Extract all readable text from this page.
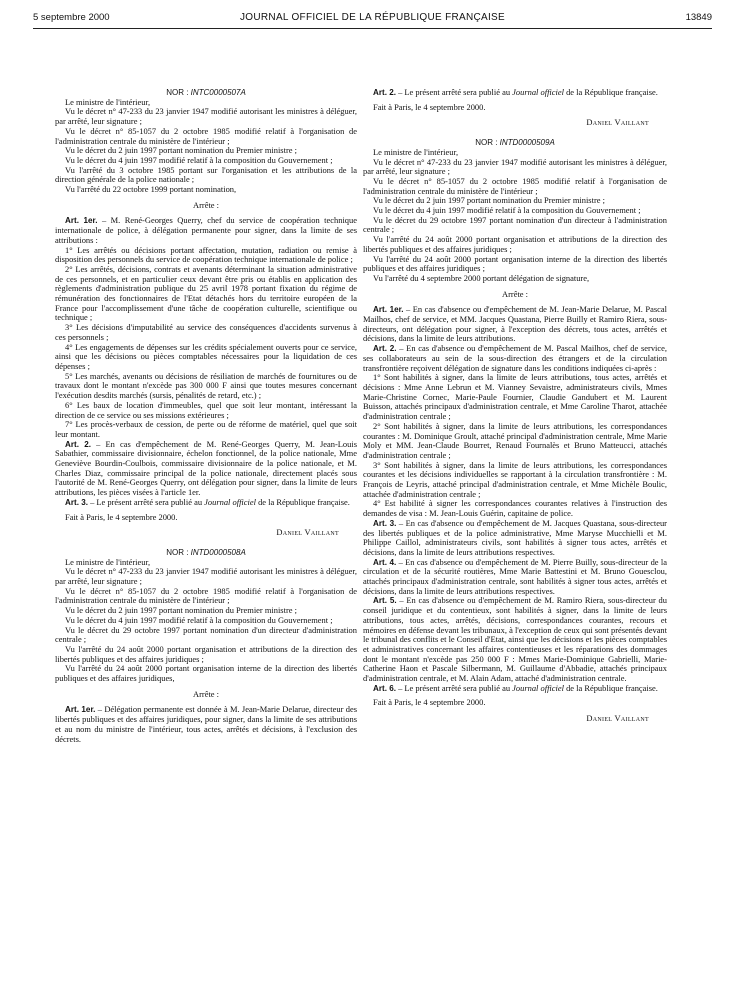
5 septembre 2000	JOURNAL OFFICIEL DE LA RÉPUBLIQUE FRANÇAISE	13849

NOR : INTC0000507A

Le ministre de l'intérieur,

Vu le décret n° 47-233 du 23 janvier 1947 modifié autorisant les ministres à déléguer, par arrêté, leur signature ;

Vu le décret n° 85-1057 du 2 octobre 1985 modifié relatif à l'organisation de l'administration centrale du ministère de l'intérieur ;

Vu le décret du 2 juin 1997 portant nomination du Premier ministre ;

Vu le décret du 4 juin 1997 modifié relatif à la composition du Gouvernement ;

Vu l'arrêté du 3 octobre 1985 portant sur l'organisation et les attributions de la direction générale de la police nationale ;

Vu l'arrêté du 22 octobre 1999 portant nomination,

Arrête :

Art. 1er. – M. René-Georges Querry, chef du service de coopération technique internationale de police, à délégation permanente pour signer, dans la limite de ses attributions :

1° Les arrêtés ou décisions portant affectation, mutation, radiation ou remise à disposition des personnels du service de coopération technique internationale de police ;

2° Les arrêtés, décisions, contrats et avenants déterminant la situation administrative de ces personnels, et en particulier ceux devant être pris ou établis en application des règlements d'administration publique du 25 avril 1978 portant fixation du régime de rémunération des fonctionnaires de l'Etat détachés hors du territoire européen de la France pour l'accomplissement d'une tâche de coopération culturelle, scientifique ou technique ;

3° Les décisions d'imputabilité au service des conséquences d'accidents survenus à ces personnels ;

4° Les engagements de dépenses sur les crédits spécialement ouverts pour ce service, ainsi que les décisions ou pièces comptables nécessaires pour la liquidation de ces dépenses ;

5° Les marchés, avenants ou décisions de résiliation de marchés de fournitures ou de travaux dont le montant n'excède pas 300 000 F ainsi que toutes mesures concernant l'exécution desdits marchés (sursis, pénalités de retard, etc.) ;

6° Les baux de location d'immeubles, quel que soit leur montant, intéressant la direction de ce service ou ses missions extérieures ;

7° Les procès-verbaux de cession, de perte ou de réforme de matériel, quel que soit leur montant.

Art. 2. – En cas d'empêchement de M. René-Georges Querry, M. Jean-Louis Sabathier, commissaire divisionnaire, échelon fonctionnel, de la police nationale, Mme Geneviève Bourdin-Coulbois, commissaire divisionnaire de la police nationale, et M. Charles Diaz, commissaire principal de la police nationale, directement placés sous l'autorité de M. René-Georges Querry, ont délégation pour signer, dans la limite de leurs attributions, les pièces visées à l'article 1er.

Art. 3. – Le présent arrêté sera publié au Journal officiel de la République française.

Fait à Paris, le 4 septembre 2000.

Daniel Vaillant

NOR : INTD0000508A

Le ministre de l'intérieur,

Vu le décret n° 47-233 du 23 janvier 1947 modifié autorisant les ministres à déléguer, par arrêté, leur signature ;

Vu le décret n° 85-1057 du 2 octobre 1985 modifié relatif à l'organisation de l'administration centrale du ministère de l'intérieur ;

Vu le décret du 2 juin 1997 portant nomination du Premier ministre ;

Vu le décret du 4 juin 1997 modifié relatif à la composition du Gouvernement ;

Vu le décret du 29 octobre 1997 portant nomination d'un directeur d'administration centrale ;

Vu l'arrêté du 24 août 2000 portant organisation et attributions de la direction des libertés publiques et des affaires juridiques ;

Vu l'arrêté du 24 août 2000 portant organisation interne de la direction des libertés publiques et des affaires juridiques,

Arrête :

Art. 1er. – Délégation permanente est donnée à M. Jean-Marie Delarue, directeur des libertés publiques et des affaires juridiques, pour signer, dans la limite de ses attributions et au nom du ministre de l'intérieur, tous actes, arrêtés et décisions, à l'exclusion des décrets.

Art. 2. – Le présent arrêté sera publié au Journal officiel de la République française.

Fait à Paris, le 4 septembre 2000.

Daniel Vaillant

NOR : INTD0000509A

Le ministre de l'intérieur,

Vu le décret n° 47-233 du 23 janvier 1947 modifié autorisant les ministres à déléguer, par arrêté, leur signature ;

Vu le décret n° 85-1057 du 2 octobre 1985 modifié relatif à l'organisation de l'administration centrale du ministère de l'intérieur ;

Vu le décret du 2 juin 1997 portant nomination du Premier ministre ;

Vu le décret du 4 juin 1997 modifié relatif à la composition du Gouvernement ;

Vu le décret du 29 octobre 1997 portant nomination d'un directeur à l'administration centrale ;

Vu l'arrêté du 24 août 2000 portant organisation et attributions de la direction des libertés publiques et des affaires juridiques ;

Vu l'arrêté du 24 août 2000 portant organisation interne de la direction des libertés publiques et des affaires juridiques ;

Vu l'arrêté du 4 septembre 2000 portant délégation de signature,

Arrête :

Art. 1er. – En cas d'absence ou d'empêchement de M. Jean-Marie Delarue, M. Pascal Mailhos, chef de service, et MM. Jacques Quastana, Pierre Builly et Ramiro Riera, sous-directeurs, ont délégation pour signer, à l'exception des décrets, tous actes, arrêtés et décisions, dans la limite de leurs attributions.

Art. 2. – En cas d'absence ou d'empêchement de M. Pascal Mailhos, chef de service, ses collaborateurs au sein de la sous-direction des étrangers et de la circulation transfrontière reçoivent délégation de signature dans les conditions indiquées ci-après :

1° Sont habilités à signer, dans la limite de leurs attributions, tous actes, arrêtés et décisions : Mme Anne Lebrun et M. Vianney Sevaistre, administrateurs civils, Mmes Marie-Christine Cornec, Marie-Paule Fournier, Claudie Gandubert et M. Laurent Buisson, attachés principaux d'administration centrale, et Mme Caroline Tharot, attachée d'administration centrale ;

2° Sont habilités à signer, dans la limite de leurs attributions, les correspondances courantes : M. Dominique Groult, attaché principal d'administration centrale, Mme Marie Moly et MM. Jean-Claude Bourret, Renaud Fournalès et Bruno Matteucci, attachés d'administration centrale ;

3° Sont habilités à signer, dans la limite de leurs attributions, les correspondances courantes et les décisions individuelles se rapportant à la circulation transfrontière : M. François de Leyris, attaché principal d'administration centrale, et Mme Michèle Boulic, attachée d'administration centrale ;

4° Est habilité à signer les correspondances courantes relatives à l'instruction des demandes de visa : M. Jean-Louis Guérin, capitaine de police.

Art. 3. – En cas d'absence ou d'empêchement de M. Jacques Quastana, sous-directeur des libertés publiques et de la police administrative, Mme Maryse Mucchielli et M. Philippe Caillol, administrateurs civils, sont habilités à signer tous actes, arrêtés et décisions, dans la limite de leurs attributions respectives.

Art. 4. – En cas d'absence ou d'empêchement de M. Pierre Builly, sous-directeur de la circulation et de la sécurité routières, Mme Marie Battestini et M. Bruno Gouesclou, attachés principaux d'administration centrale, sont habilités à signer tous actes, arrêtés et décisions, dans la limite de leurs attributions respectives.

Art. 5. – En cas d'absence ou d'empêchement de M. Ramiro Riera, sous-directeur du conseil juridique et du contentieux, sont habilités à signer, dans la limite de leurs attributions, tous actes, arrêtés, décisions, correspondances courantes, recours et mémoires en défense devant les tribunaux, à l'exception de ceux qui sont présentés devant le tribunal des conflits et le Conseil d'Etat, ainsi que les décisions et les pièces comptables et administratives concernant les affaires contentieuses et les réparations des dommages dont le montant n'excède pas 250 000 F : Mmes Marie-Dominique Gabrielli, Marie-Catherine Haon et Pascale Silbermann, M. Guillaume d'Abbadie, attachés principaux d'administration centrale, et M. Alain Adam, attaché d'administration centrale.

Art. 6. – Le présent arrêté sera publié au Journal officiel de la République française.

Fait à Paris, le 4 septembre 2000.

Daniel Vaillant
